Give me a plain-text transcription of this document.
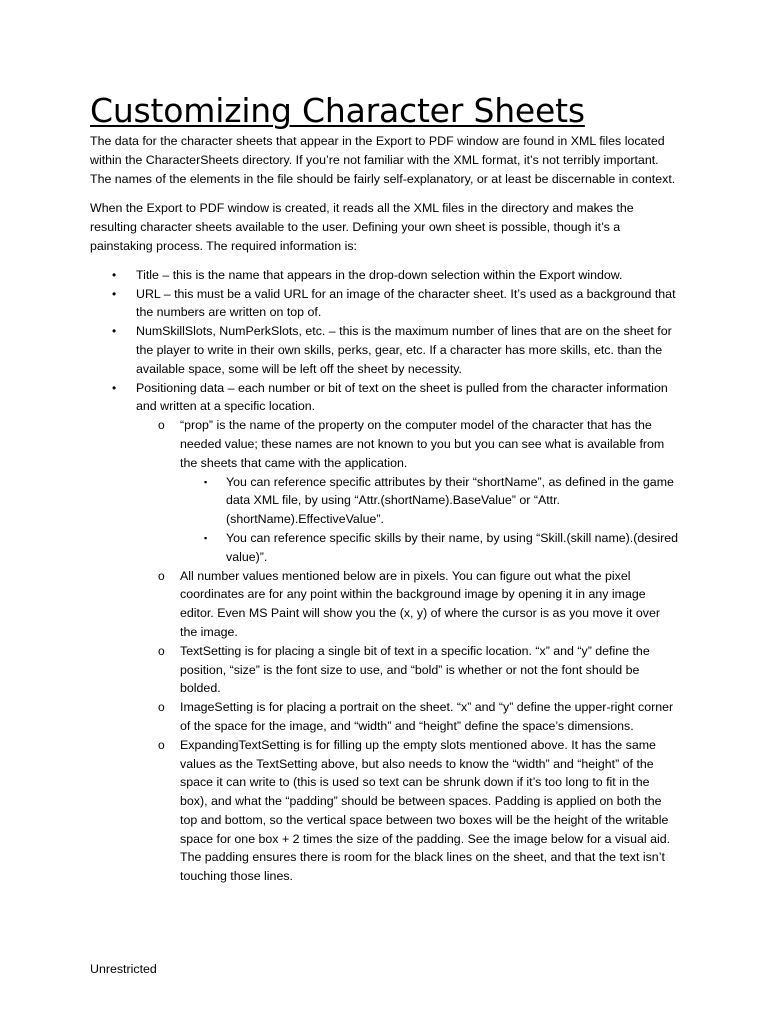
Customizing Character Sheets

The data for the character sheets that appear in the Export to PDF window are found in XML files located within the CharacterSheets directory. If you’re not familiar with the XML format, it’s not terribly important. The names of the elements in the file should be fairly self-explanatory, or at least be discernable in context.

When the Export to PDF window is created, it reads all the XML files in the directory and makes the resulting character sheets available to the user. Defining your own sheet is possible, though it’s a painstaking process. The required information is:

• Title – this is the name that appears in the drop-down selection within the Export window.
• URL – this must be a valid URL for an image of the character sheet. It’s used as a background that the numbers are written on top of.
• NumSkillSlots, NumPerkSlots, etc. – this is the maximum number of lines that are on the sheet for the player to write in their own skills, perks, gear, etc. If a character has more skills, etc. than the available space, some will be left off the sheet by necessity.
• Positioning data – each number or bit of text on the sheet is pulled from the character information and written at a specific location.
o “prop” is the name of the property on the computer model of the character that has the needed value; these names are not known to you but you can see what is available from the sheets that came with the application.
▪ You can reference specific attributes by their “shortName”, as defined in the game data XML file, by using “Attr.(shortName).BaseValue” or “Attr.(shortName).EffectiveValue”.
▪ You can reference specific skills by their name, by using “Skill.(skill name).(desired value)”.
o All number values mentioned below are in pixels. You can figure out what the pixel coordinates are for any point within the background image by opening it in any image editor. Even MS Paint will show you the (x, y) of where the cursor is as you move it over the image.
o TextSetting is for placing a single bit of text in a specific location. “x” and “y” define the position, “size” is the font size to use, and “bold” is whether or not the font should be bolded.
o ImageSetting is for placing a portrait on the sheet. “x” and “y” define the upper-right corner of the space for the image, and “width” and “height” define the space’s dimensions.
o ExpandingTextSetting is for filling up the empty slots mentioned above. It has the same values as the TextSetting above, but also needs to know the “width” and “height” of the space it can write to (this is used so text can be shrunk down if it’s too long to fit in the box), and what the “padding” should be between spaces. Padding is applied on both the top and bottom, so the vertical space between two boxes will be the height of the writable space for one box + 2 times the size of the padding. See the image below for a visual aid. The padding ensures there is room for the black lines on the sheet, and that the text isn’t touching those lines.
Unrestricted
